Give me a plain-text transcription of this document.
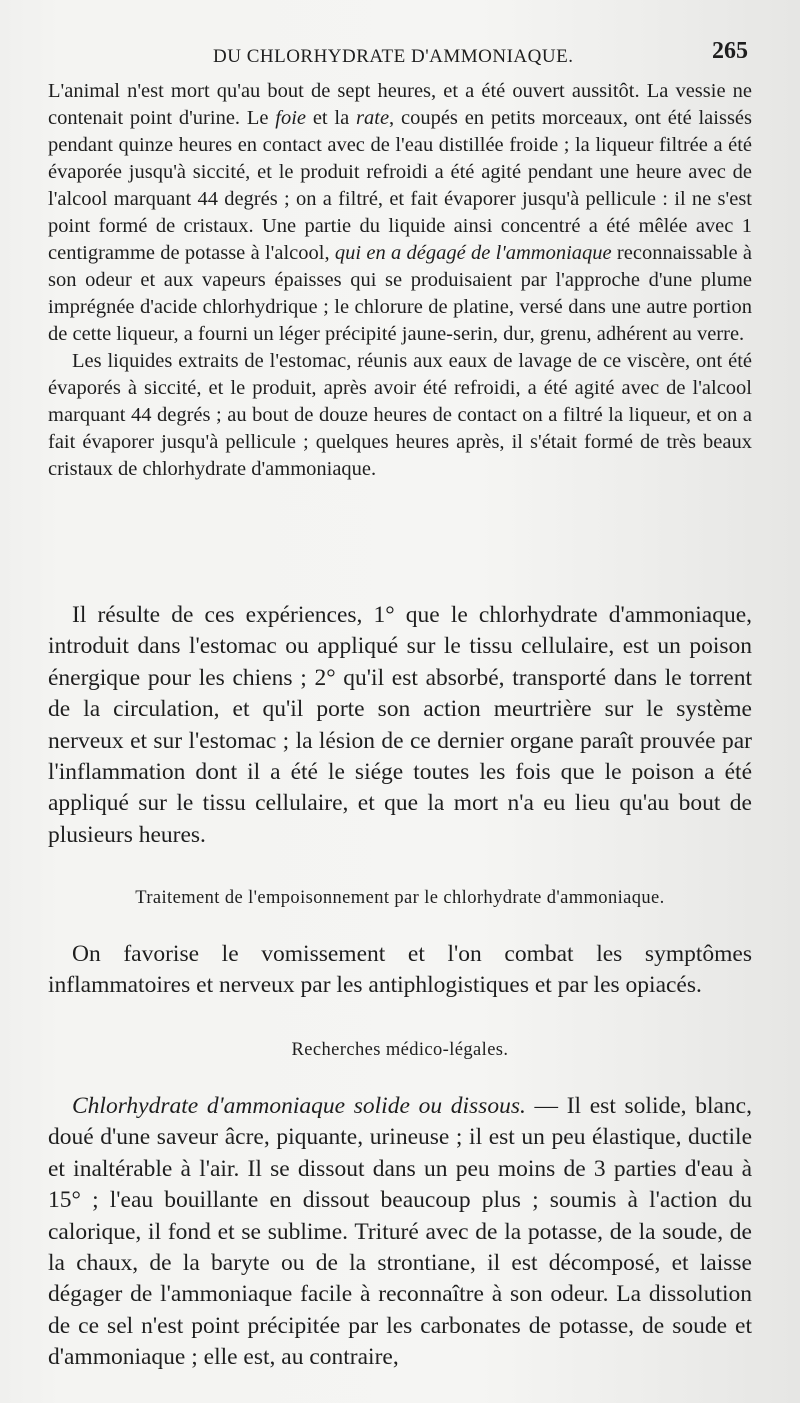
DU CHLORHYDRATE D'AMMONIAQUE.	265

L'animal n'est mort qu'au bout de sept heures, et a été ouvert aussitôt. La vessie ne contenait point d'urine. Le foie et la rate, coupés en petits morceaux, ont été laissés pendant quinze heures en contact avec de l'eau distillée froide ; la liqueur filtrée a été évaporée jusqu'à siccité, et le produit refroidi a été agité pendant une heure avec de l'alcool marquant 44 degrés ; on a filtré, et fait évaporer jusqu'à pellicule : il ne s'est point formé de cristaux. Une partie du liquide ainsi concentré a été mêlée avec 1 centigramme de potasse à l'alcool, qui en a dégagé de l'ammoniaque reconnaissable à son odeur et aux vapeurs épaisses qui se produisaient par l'approche d'une plume imprégnée d'acide chlorhydrique ; le chlorure de platine, versé dans une autre portion de cette liqueur, a fourni un léger précipité jaune-serin, dur, grenu, adhérent au verre.

Les liquides extraits de l'estomac, réunis aux eaux de lavage de ce viscère, ont été évaporés à siccité, et le produit, après avoir été refroidi, a été agité avec de l'alcool marquant 44 degrés ; au bout de douze heures de contact on a filtré la liqueur, et on a fait évaporer jusqu'à pellicule ; quelques heures après, il s'était formé de très beaux cristaux de chlorhydrate d'ammoniaque.

Il résulte de ces expériences, 1° que le chlorhydrate d'ammoniaque, introduit dans l'estomac ou appliqué sur le tissu cellulaire, est un poison énergique pour les chiens ; 2° qu'il est absorbé, transporté dans le torrent de la circulation, et qu'il porte son action meurtrière sur le système nerveux et sur l'estomac ; la lésion de ce dernier organe paraît prouvée par l'inflammation dont il a été le siége toutes les fois que le poison a été appliqué sur le tissu cellulaire, et que la mort n'a eu lieu qu'au bout de plusieurs heures.

Traitement de l'empoisonnement par le chlorhydrate d'ammoniaque.

On favorise le vomissement et l'on combat les symptômes inflammatoires et nerveux par les antiphlogistiques et par les opiacés.

Recherches médico-légales.

Chlorhydrate d'ammoniaque solide ou dissous. — Il est solide, blanc, doué d'une saveur âcre, piquante, urineuse ; il est un peu élastique, ductile et inaltérable à l'air. Il se dissout dans un peu moins de 3 parties d'eau à 15° ; l'eau bouillante en dissout beaucoup plus ; soumis à l'action du calorique, il fond et se sublime. Trituré avec de la potasse, de la soude, de la chaux, de la baryte ou de la strontiane, il est décomposé, et laisse dégager de l'ammoniaque facile à reconnaître à son odeur. La dissolution de ce sel n'est point précipitée par les carbonates de potasse, de soude et d'ammoniaque ; elle est, au contraire,
